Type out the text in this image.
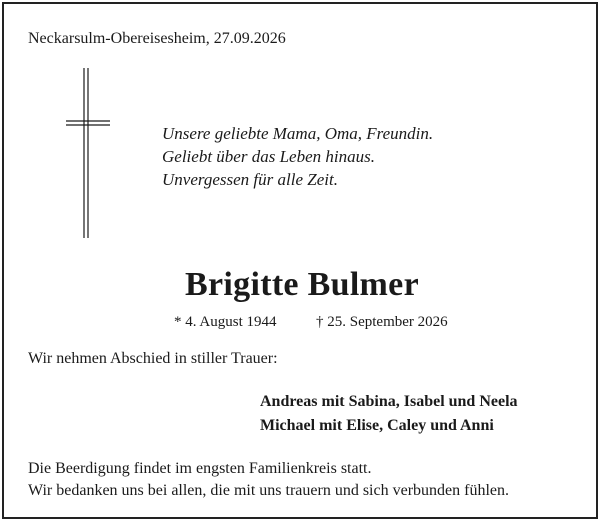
Neckarsulm-Obereisesheim, 27.09.2026
Unsere geliebte Mama, Oma, Freundin.
Geliebt über das Leben hinaus.
Unvergessen für alle Zeit.
Brigitte Bulmer
* 4. August 1944	† 25. September 2026
Wir nehmen Abschied in stiller Trauer:
Andreas mit Sabina, Isabel und Neela
Michael mit Elise, Caley und Anni
Die Beerdigung findet im engsten Familienkreis statt.
Wir bedanken uns bei allen, die mit uns trauern und sich verbunden fühlen.
